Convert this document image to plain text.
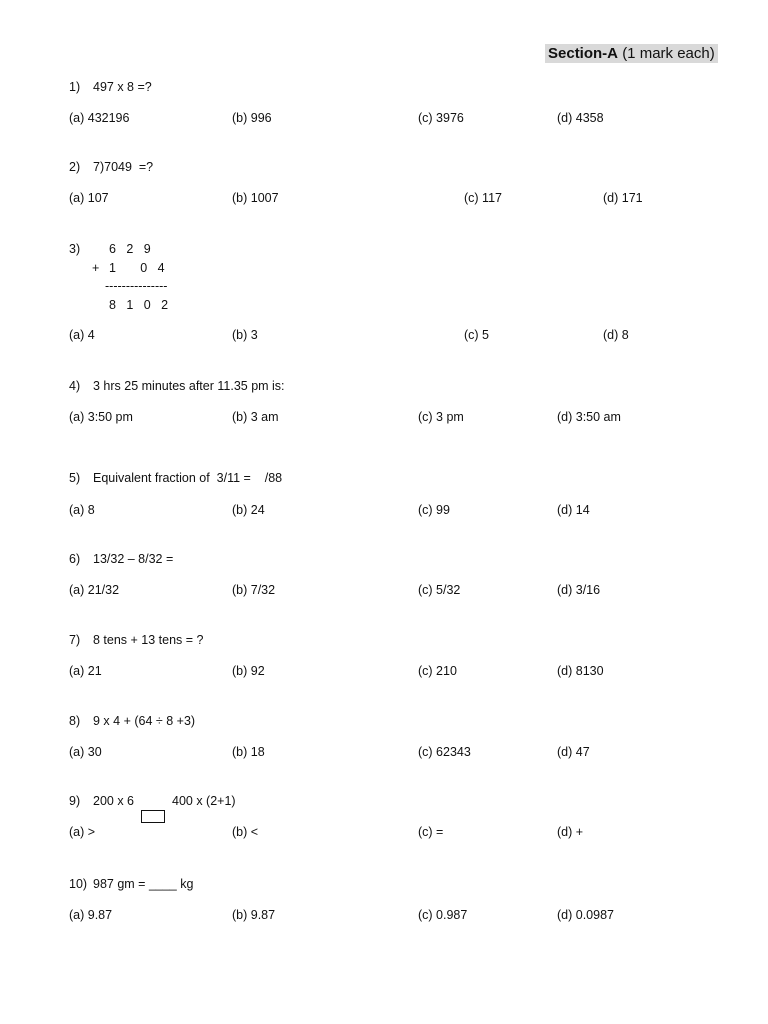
Section-A (1 mark each)
1) 497 x 8 =?
(a) 432196	(b) 996	(c) 3976	(d) 4358
2) 7)7049  =?
(a) 107	(b) 1007	(c) 117	(d) 171
3) 6   2   9
+ 1       0   4
---------------
8   1   0   2
(a) 4	(b) 3	(c) 5	(d) 8
4) 3 hrs 25 minutes after 11.35 pm is:
(a) 3:50 pm	(b) 3 am	(c) 3 pm	(d) 3:50 am
5) Equivalent fraction of  3/11 =    /88
(a) 8	(b) 24	(c) 99	(d) 14
6) 13/32 – 8/32 =
(a) 21/32	(b) 7/32	(c) 5/32	(d) 3/16
7) 8 tens + 13 tens = ?
(a) 21	(b) 92	(c) 210	(d) 8130
8) 9 x 4 + (64 ÷ 8 +3)
(a) 30	(b) 18	(c) 62343	(d) 47
9) 200 x 6	400 x (2+1)
(a) >	(b) <	(c) =	(d) +
10) 987 gm = ____ kg
(a) 9.87	(b) 9.87	(c) 0.987	(d) 0.0987
